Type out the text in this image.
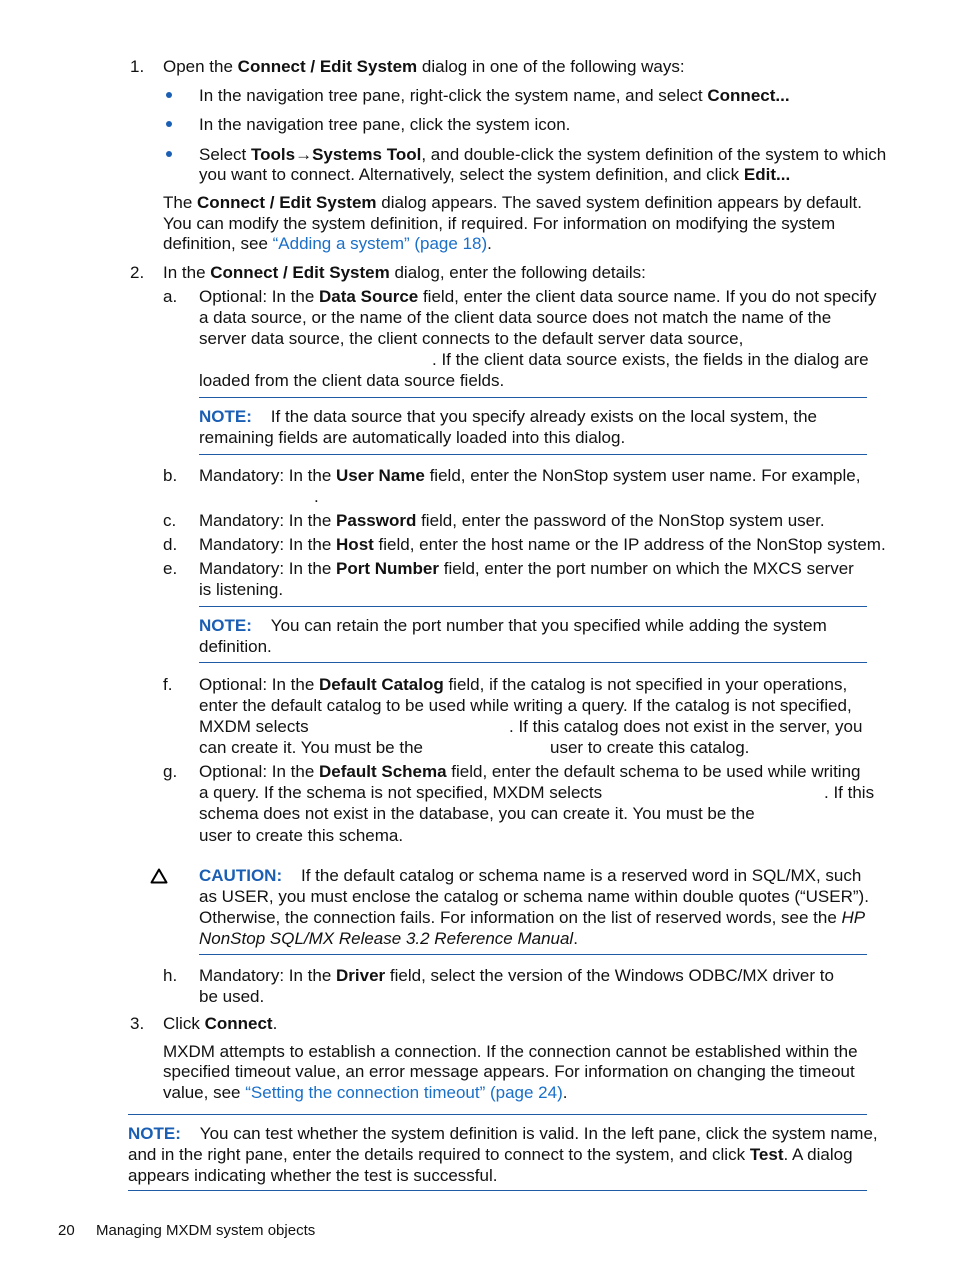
1. Open the Connect / Edit System dialog in one of the following ways:
In the navigation tree pane, right-click the system name, and select Connect...
In the navigation tree pane, click the system icon.
Select Tools→Systems Tool, and double-click the system definition of the system to which
you want to connect. Alternatively, select the system definition, and click Edit...
The Connect / Edit System dialog appears. The saved system definition appears by default.
You can modify the system definition, if required. For information on modifying the system
definition, see “Adding a system” (page 18).
2. In the Connect / Edit System dialog, enter the following details:
a. Optional: In the Data Source field, enter the client data source name. If you do not specify
a data source, or the name of the client data source does not match the name of the
server data source, the client connects to the default server data source,
. If the client data source exists, the fields in the dialog are
loaded from the client data source fields.
NOTE: If the data source that you specify already exists on the local system, the
remaining fields are automatically loaded into this dialog.
b. Mandatory: In the User Name field, enter the NonStop system user name. For example,
.
c. Mandatory: In the Password field, enter the password of the NonStop system user.
d. Mandatory: In the Host field, enter the host name or the IP address of the NonStop system.
e. Mandatory: In the Port Number field, enter the port number on which the MXCS server
is listening.
NOTE: You can retain the port number that you specified while adding the system
definition.
f. Optional: In the Default Catalog field, if the catalog is not specified in your operations,
enter the default catalog to be used while writing a query. If the catalog is not specified,
MXDM selects	. If this catalog does not exist in the server, you
can create it. You must be the	user to create this catalog.
g. Optional: In the Default Schema field, enter the default schema to be used while writing
a query. If the schema is not specified, MXDM selects	. If this
schema does not exist in the database, you can create it. You must be the
user to create this schema.
CAUTION: If the default catalog or schema name is a reserved word in SQL/MX, such
as USER, you must enclose the catalog or schema name within double quotes (“USER”).
Otherwise, the connection fails. For information on the list of reserved words, see the HP
NonStop SQL/MX Release 3.2 Reference Manual.
h. Mandatory: In the Driver field, select the version of the Windows ODBC/MX driver to
be used.
3. Click Connect.
MXDM attempts to establish a connection. If the connection cannot be established within the
specified timeout value, an error message appears. For information on changing the timeout
value, see “Setting the connection timeout” (page 24).
NOTE: You can test whether the system definition is valid. In the left pane, click the system name,
and in the right pane, enter the details required to connect to the system, and click Test. A dialog
appears indicating whether the test is successful.
20 Managing MXDM system objects
